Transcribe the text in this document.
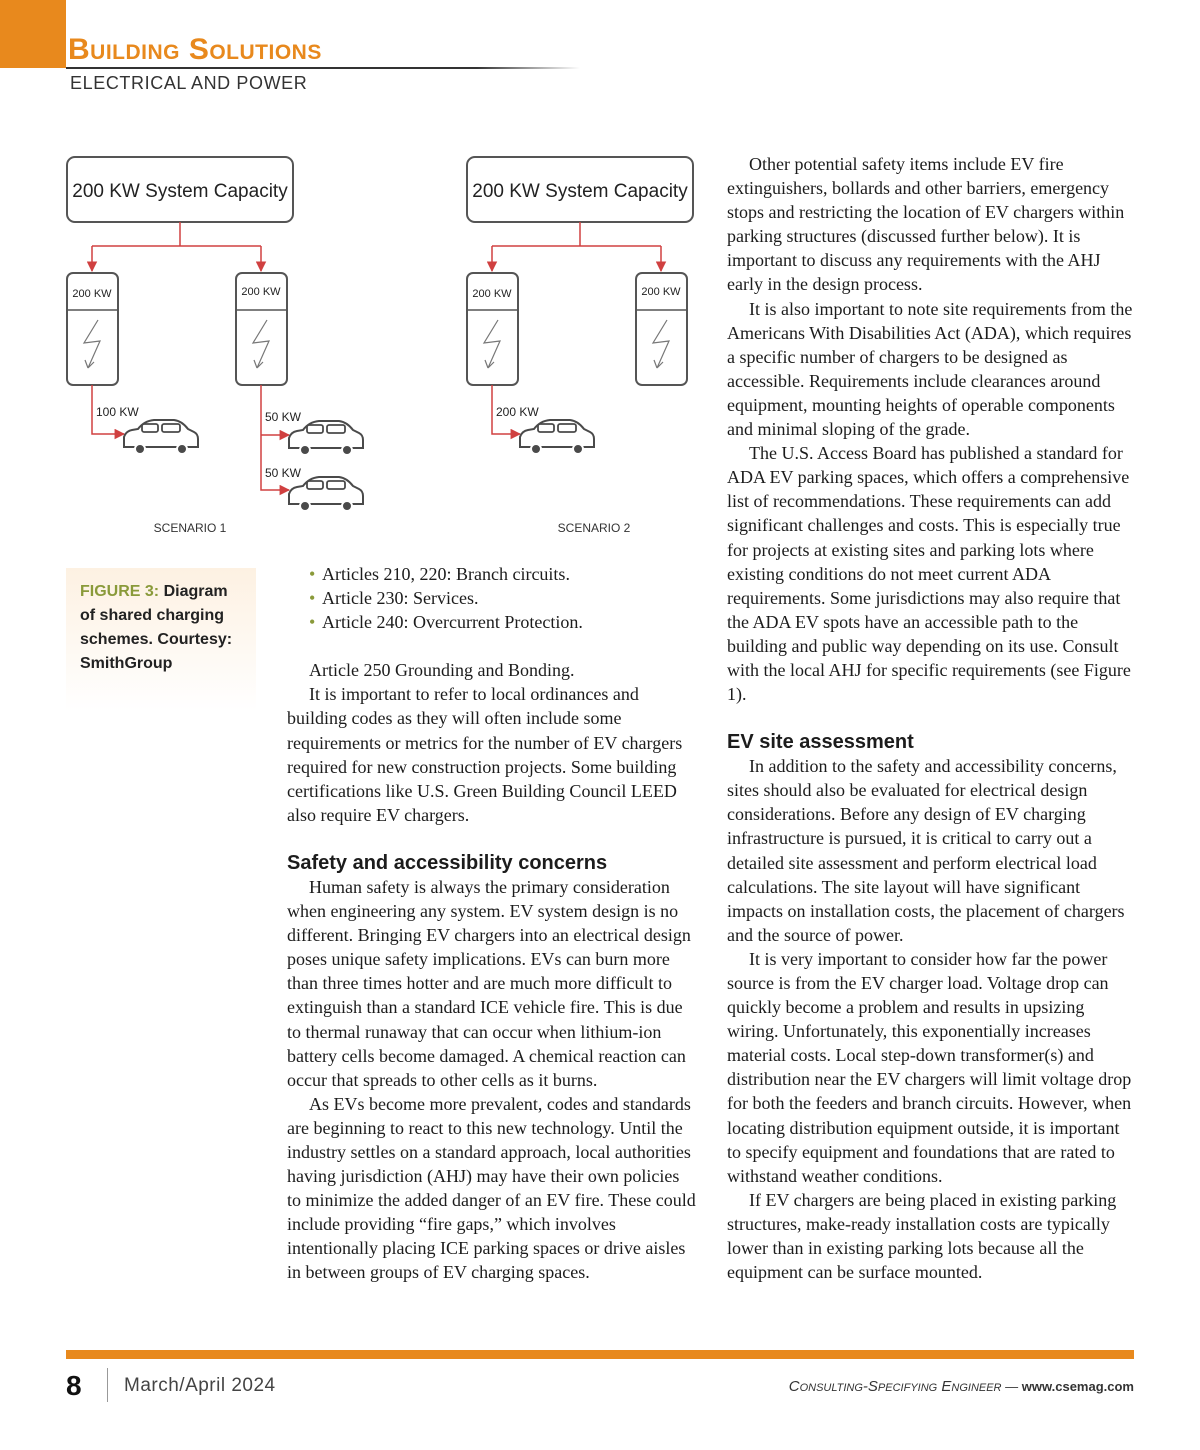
Building Solutions
ELECTRICAL AND POWER
200 KW System Capacity
200 KW	200 KW
100 KW	50 KW
50 KW
SCENARIO 1
200 KW System Capacity
200 KW	200 KW
200 KW
SCENARIO 2
FIGURE 3: Diagram of shared charging schemes. Courtesy: SmithGroup
• Articles 210, 220: Branch circuits.
• Article 230: Services.
• Article 240: Overcurrent Protection.

Article 250 Grounding and Bonding.

It is important to refer to local ordinances and building codes as they will often include some requirements or metrics for the number of EV chargers required for new construction projects. Some building certifications like U.S. Green Building Council LEED also require EV chargers.

Safety and accessibility concerns

Human safety is always the primary consideration when engineering any system. EV system design is no different. Bringing EV chargers into an electrical design poses unique safety implications. EVs can burn more than three times hotter and are much more difficult to extinguish than a standard ICE vehicle fire. This is due to thermal runaway that can occur when lithium-ion battery cells become damaged. A chemical reaction can occur that spreads to other cells as it burns.

As EVs become more prevalent, codes and standards are beginning to react to this new technology. Until the industry settles on a standard approach, local authorities having jurisdiction (AHJ) may have their own policies to minimize the added danger of an EV fire. These could include providing “fire gaps,” which involves intentionally placing ICE parking spaces or drive aisles in between groups of EV charging spaces.

Other potential safety items include EV fire extinguishers, bollards and other barriers, emergency stops and restricting the location of EV chargers within parking structures (discussed further below). It is important to discuss any requirements with the AHJ early in the design process.

It is also important to note site requirements from the Americans With Disabilities Act (ADA), which requires a specific number of chargers to be designed as accessible. Requirements include clearances around equipment, mounting heights of operable components and minimal sloping of the grade.

The U.S. Access Board has published a standard for ADA EV parking spaces, which offers a comprehensive list of recommendations. These requirements can add significant challenges and costs. This is especially true for projects at existing sites and parking lots where existing conditions do not meet current ADA requirements. Some jurisdictions may also require that the ADA EV spots have an accessible path to the building and public way depending on its use. Consult with the local AHJ for specific requirements (see Figure 1).

EV site assessment

In addition to the safety and accessibility concerns, sites should also be evaluated for electrical design considerations. Before any design of EV charging infrastructure is pursued, it is critical to carry out a detailed site assessment and perform electrical load calculations. The site layout will have significant impacts on installation costs, the placement of chargers and the source of power.

It is very important to consider how far the power source is from the EV charger load. Voltage drop can quickly become a problem and results in upsizing wiring. Unfortunately, this exponentially increases material costs. Local step-down transformer(s) and distribution near the EV chargers will limit voltage drop for both the feeders and branch circuits. However, when locating distribution equipment outside, it is important to specify equipment and foundations that are rated to withstand weather conditions.

If EV chargers are being placed in existing parking structures, make-ready installation costs are typically lower than in existing parking lots because all the equipment can be surface mounted.

8 March/April 2024	Consulting-Specifying Engineer — www.csemag.com
